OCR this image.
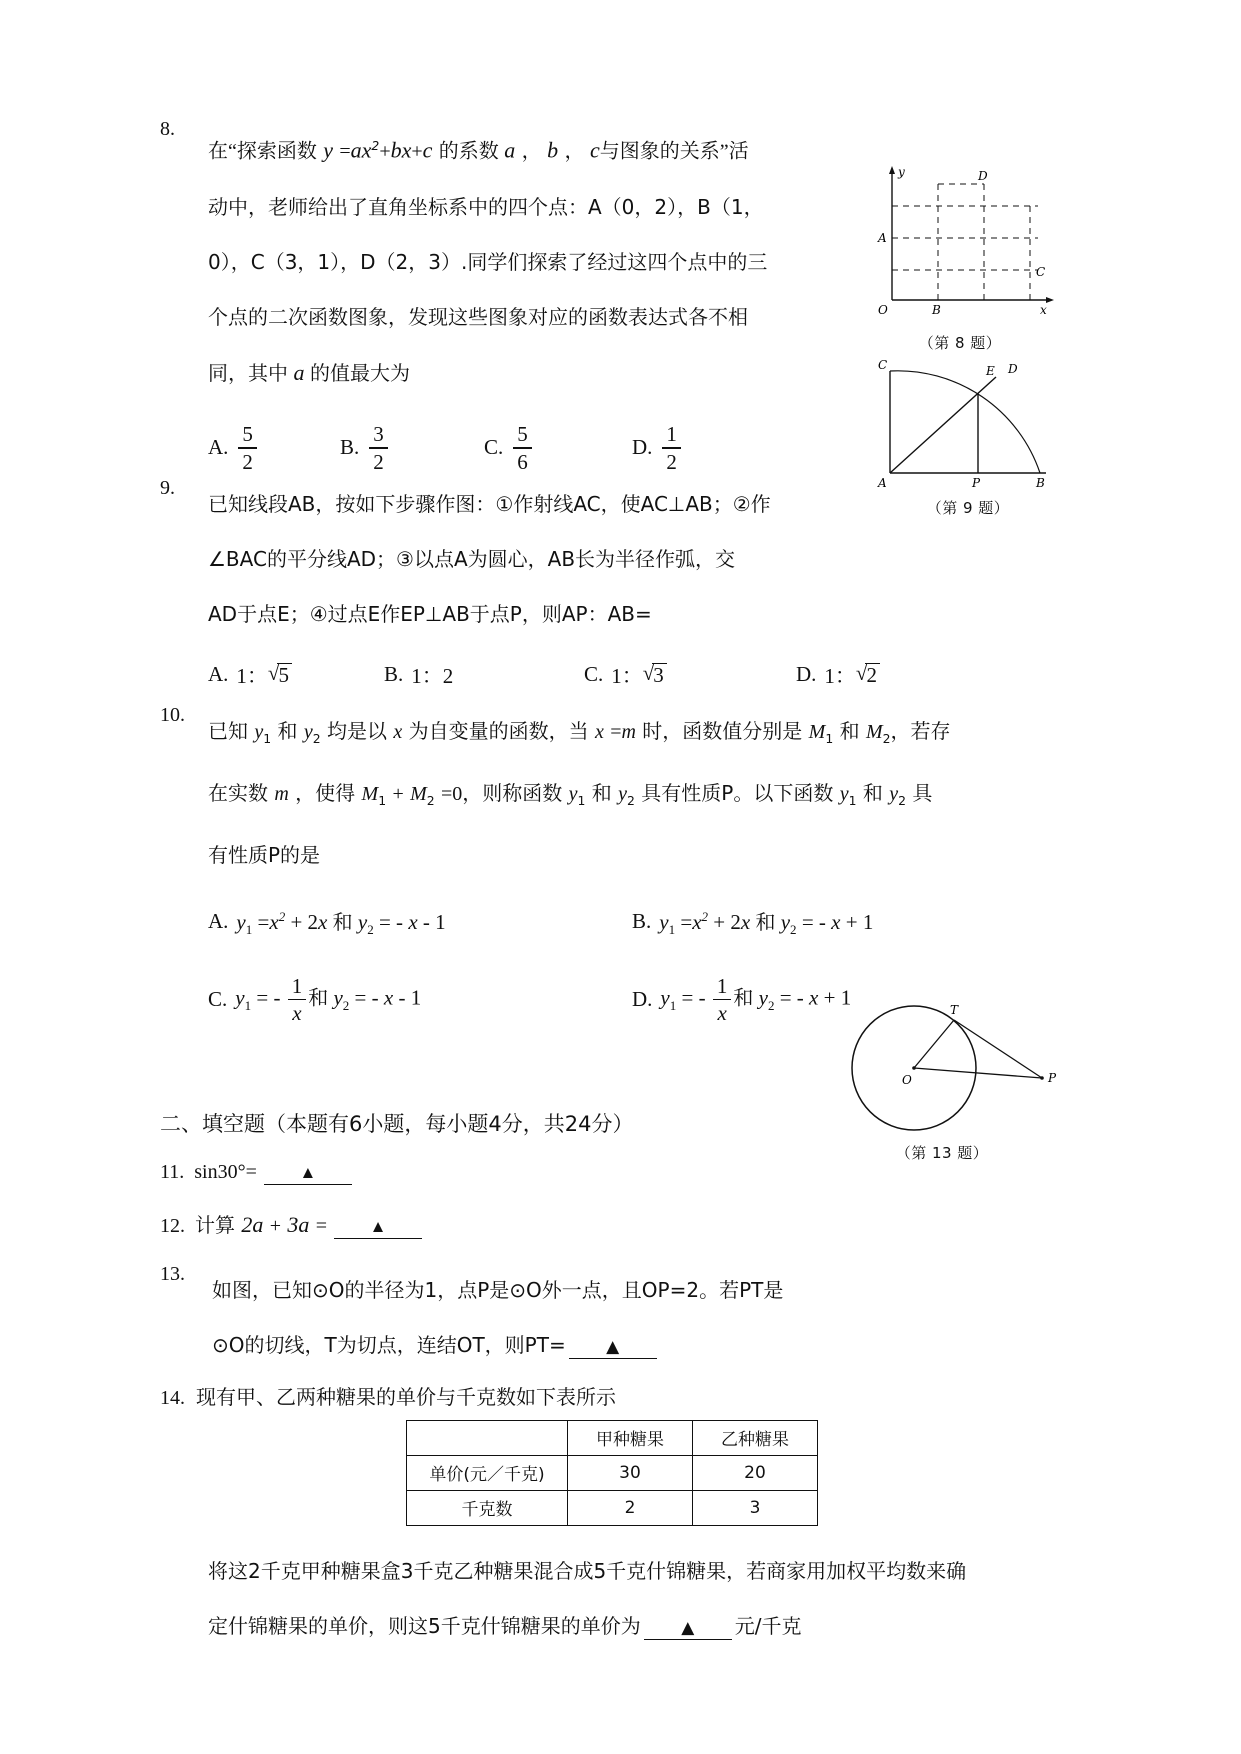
8.
在“探索函数 $y =ax^2+bx+c$ 的系数 a ， b ， c与图象的关系”活
动中，老师给出了直角坐标系中的四个点：A（0，2），B（1，
0），C（3，1），D（2，3）.同学们探索了经过这四个点中的三
个点的二次函数图象，发现这些图象对应的函数表达式各不相
同，其中 a 的值最大为
A. $\frac{5}{2}$	B. $\frac{3}{2}$	C. $\frac{5}{6}$	D. $\frac{1}{2}$
9.
已知线段AB，按如下步骤作图：①作射线AC，使AC⊥AB；②作
∠BAC的平分线AD；③以点A为圆心，AB长为半径作弧，交
AD于点E；④过点E作EP⊥AB于点P，则AP：AB=
A. 1： √ 5	B. 1：2	C. 1： √ 3	D. 1： √ 2
10.
已知 $y_1$ 和 $y_2$ 均是以 x 为自变量的函数，当 x =m 时，函数值分别是 $M_1$ 和 $M_2$，若存
在实数 m ，使得 $M_1 + M_2 =0$，则称函数 $y_1$ 和 $y_2$ 具有性质P。以下函数 $y_1$ 和 $y_2$ 具
有性质P的是
A. $y_1 =x^2 + 2x$ 和 $y_2$ = - x - 1	B. $y_1 =x^2 + 2x$ 和 $y_2$ = - x + 1
C. $y_1$ = - $\frac{1}{x}$ 和 $y_2$ = - x - 1	D. $y_1$ = - $\frac{1}{x}$ 和 $y_2$ = - x + 1
二、填空题（本题有6小题，每小题4分，共24分）
11. sin30°=	▲
12. 计算 2a + 3a =	▲
13.
如图，已知⊙O的半径为1，点P是⊙O外一点，且OP=2。若PT是
⊙O的切线，T为切点，连结OT，则PT= ▲
14. 现有甲、乙两种糖果的单价与千克数如下表所示
	甲种糖果	乙种糖果
单价(元／千克)	30	20
千克数	2	3
将这2千克甲种糖果盒3千克乙种糖果混合成5千克什锦糖果，若商家用加权平均数来确
定什锦糖果的单价，则这5千克什锦糖果的单价为 ▲ 元/千克
y
x
O
D
A
C
B
（第 8 题）
C	E D
A	P	B
（第 9 题）
T
O	P
（第 13 题）
